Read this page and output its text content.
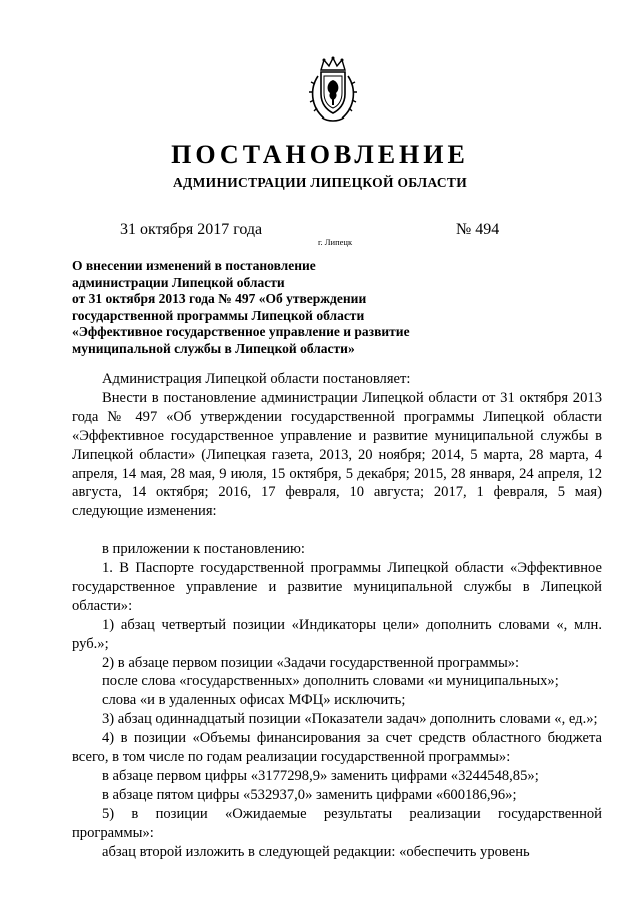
ПОСТАНОВЛЕНИЕ
АДМИНИСТРАЦИИ ЛИПЕЦКОЙ ОБЛАСТИ
31 октября 2017 года
г. Липецк
№ 494
О внесении изменений в постановление
администрации Липецкой области
от 31 октября 2013 года № 497 «Об утверждении
государственной программы Липецкой области
«Эффективное государственное управление и развитие
муниципальной службы в Липецкой области»

Администрация Липецкой области постановляет:

Внести в постановление администрации Липецкой области от 31 октября 2013 года № 497 «Об утверждении государственной программы Липецкой области «Эффективное государственное управление и развитие муниципальной службы в Липецкой области» (Липецкая газета, 2013, 20 ноября; 2014, 5 марта, 28 марта, 4 апреля, 14 мая, 28 мая, 9 июля, 15 октября, 5 декабря; 2015, 28 января, 24 апреля, 12 августа, 14 октября; 2016, 17 февраля, 10 августа; 2017, 1 февраля, 5 мая) следующие изменения:

в приложении к постановлению:

1. В Паспорте государственной программы Липецкой области «Эффективное государственное управление и развитие муниципальной службы в Липецкой области»:

1) абзац четвертый позиции «Индикаторы цели» дополнить словами «, млн. руб.»;

2) в абзаце первом позиции «Задачи государственной программы»:

после слова «государственных» дополнить словами «и муниципальных»;

слова «и в удаленных офисах МФЦ» исключить;

3) абзац одиннадцатый позиции «Показатели задач» дополнить словами «, ед.»;

4) в позиции «Объемы финансирования за счет средств областного бюджета всего, в том числе по годам реализации государственной программы»:

в абзаце первом цифры «3177298,9» заменить цифрами «3244548,85»;

в абзаце пятом цифры «532937,0» заменить цифрами «600186,96»;

5) в позиции «Ожидаемые результаты реализации государственной программы»:

абзац второй изложить в следующей редакции: «обеспечить уровень
